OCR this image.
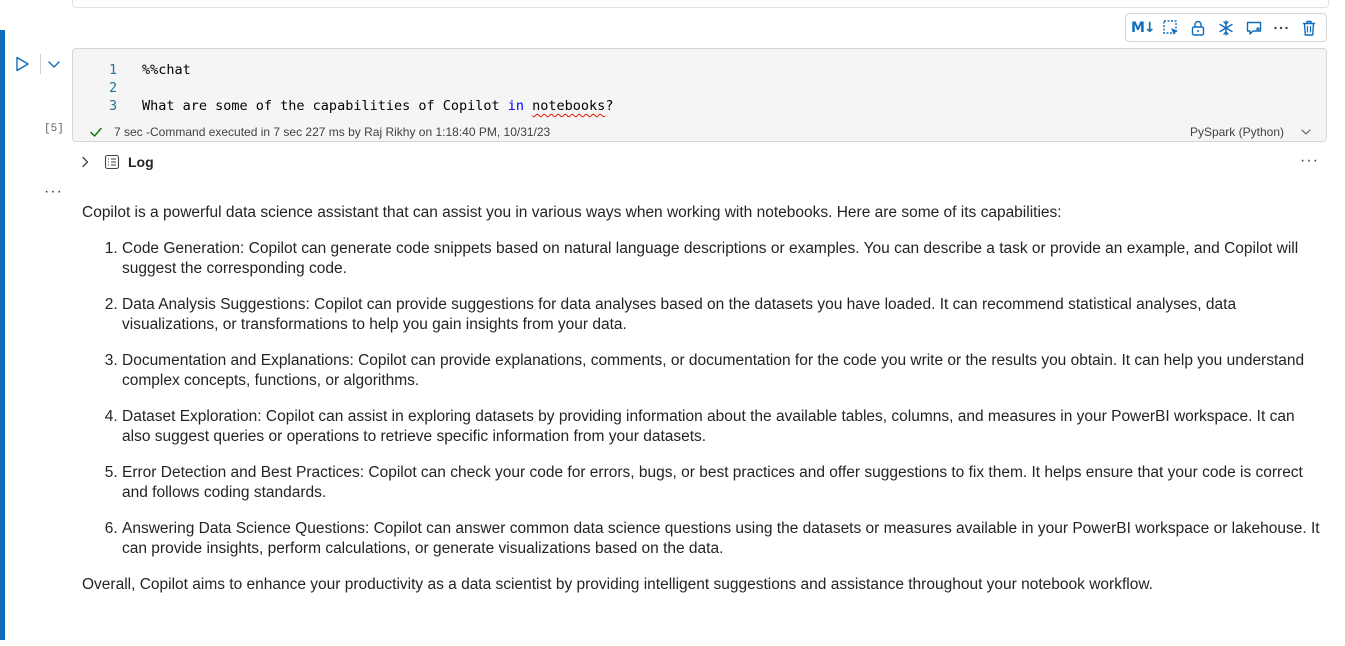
M↓
[5]
1	%%chat
2
3	What are some of the capabilities of Copilot in notebooks?
7 sec -Command executed in 7 sec 227 ms by Raj Rikhy on 1:18:40 PM, 10/31/23	PySpark (Python)
Log	···
···

Copilot is a powerful data science assistant that can assist you in various ways when working with notebooks. Here are some of its capabilities:

1. Code Generation: Copilot can generate code snippets based on natural language descriptions or examples. You can describe a task or provide an example, and Copilot will suggest the corresponding code.
2. Data Analysis Suggestions: Copilot can provide suggestions for data analyses based on the datasets you have loaded. It can recommend statistical analyses, data visualizations, or transformations to help you gain insights from your data.
3. Documentation and Explanations: Copilot can provide explanations, comments, or documentation for the code you write or the results you obtain. It can help you understand complex concepts, functions, or algorithms.
4. Dataset Exploration: Copilot can assist in exploring datasets by providing information about the available tables, columns, and measures in your PowerBI workspace. It can also suggest queries or operations to retrieve specific information from your datasets.
5. Error Detection and Best Practices: Copilot can check your code for errors, bugs, or best practices and offer suggestions to fix them. It helps ensure that your code is correct and follows coding standards.
6. Answering Data Science Questions: Copilot can answer common data science questions using the datasets or measures available in your PowerBI workspace or lakehouse. It can provide insights, perform calculations, or generate visualizations based on the data.

Overall, Copilot aims to enhance your productivity as a data scientist by providing intelligent suggestions and assistance throughout your notebook workflow.
